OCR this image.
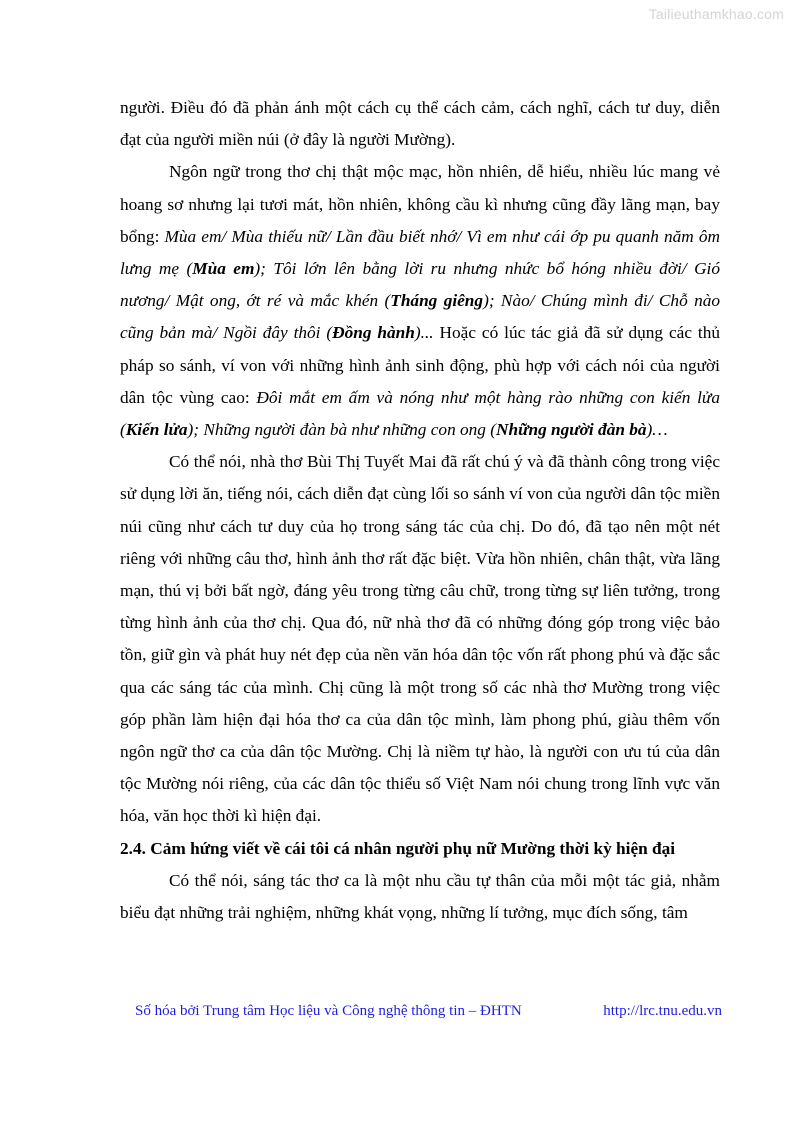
Tailieuthamkhao.com

người. Điều đó đã phản ánh một cách cụ thể cách cảm, cách nghĩ, cách tư duy, diễn đạt của người miền núi (ở đây là người Mường).

Ngôn ngữ trong thơ chị thật mộc mạc, hồn nhiên, dễ hiểu, nhiều lúc mang vẻ hoang sơ nhưng lại tươi mát, hồn nhiên, không cầu kì nhưng cũng đầy lãng mạn, bay bổng: Mùa em/ Mùa thiếu nữ/ Lần đầu biết nhớ/ Vì em như cái ớp pu quanh năm ôm lưng mẹ (Mùa em); Tôi lớn lên bằng lời ru nhưng nhức bổ hóng nhiều đời/ Gió nương/ Mật ong, ớt ré và mắc khén (Tháng giêng); Nào/ Chúng mình đi/ Chỗ nào cũng bản mà/ Ngồi đây thôi (Đồng hành)... Hoặc có lúc tác giả đã sử dụng các thủ pháp so sánh, ví von với những hình ảnh sinh động, phù hợp với cách nói của người dân tộc vùng cao: Đôi mắt em ấm và nóng như một hàng rào những con kiến lửa (Kiến lửa); Những người đàn bà như những con ong (Những người đàn bà)…

Có thể nói, nhà thơ Bùi Thị Tuyết Mai đã rất chú ý và đã thành công trong việc sử dụng lời ăn, tiếng nói, cách diễn đạt cùng lối so sánh ví von của người dân tộc miền núi cũng như cách tư duy của họ trong sáng tác của chị. Do đó, đã tạo nên một nét riêng với những câu thơ, hình ảnh thơ rất đặc biệt. Vừa hồn nhiên, chân thật, vừa lãng mạn, thú vị bởi bất ngờ, đáng yêu trong từng câu chữ, trong từng sự liên tưởng, trong từng hình ảnh của thơ chị. Qua đó, nữ nhà thơ đã có những đóng góp trong việc bảo tồn, giữ gìn và phát huy nét đẹp của nền văn hóa dân tộc vốn rất phong phú và đặc sắc qua các sáng tác của mình. Chị cũng là một trong số các nhà thơ Mường trong việc góp phần làm hiện đại hóa thơ ca của dân tộc mình, làm phong phú, giàu thêm vốn ngôn ngữ thơ ca của dân tộc Mường. Chị là niềm tự hào, là người con ưu tú của dân tộc Mường nói riêng, của các dân tộc thiểu số Việt Nam nói chung trong lĩnh vực văn hóa, văn học thời kì hiện đại.

2.4. Cảm hứng viết về cái tôi cá nhân người phụ nữ Mường thời kỳ hiện đại

Có thể nói, sáng tác thơ ca là một nhu cầu tự thân của mỗi một tác giả, nhằm biểu đạt những trải nghiệm, những khát vọng, những lí tưởng, mục đích sống, tâm

Số hóa bởi Trung tâm Học liệu và Công nghệ thông tin – ĐHTN	http://lrc.tnu.edu.vn
